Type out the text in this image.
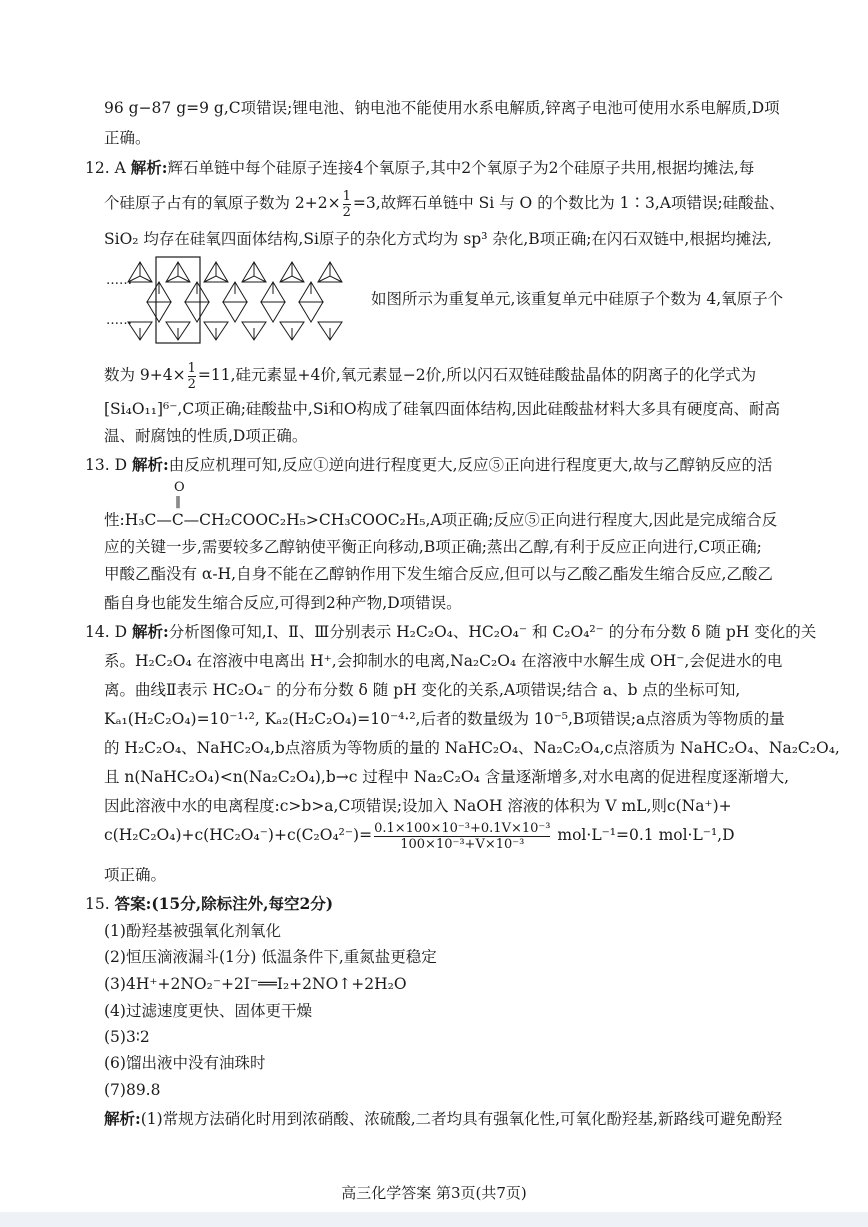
96 g−87 g=9 g,C项错误;锂电池、钠电池不能使用水系电解质,锌离子电池可使用水系电解质,D项
正确。
12. A 解析:辉石单链中每个硅原子连接4个氧原子,其中2个氧原子为2个硅原子共用,根据均摊法,每
个硅原子占有的氧原子数为 $2+2\times \frac{1}{2} =3$,故辉石单链中 Si 与 O 的个数比为 1∶3,A项错误;硅酸盐、
SiO₂ 均存在硅氧四面体结构,Si原子的杂化方式均为 sp³ 杂化,B项正确;在闪石双链中,根据均摊法,
……
……
如图所示为重复单元,该重复单元中硅原子个数为 4,氧原子个
数为 $9+4\times \frac{1}{2} =11$,硅元素显+4价,氧元素显−2价,所以闪石双链硅酸盐晶体的阴离子的化学式为
[Si₄O₁₁]⁶⁻,C项正确;硅酸盐中,Si和O构成了硅氧四面体结构,因此硅酸盐材料大多具有硬度高、耐高
温、耐腐蚀的性质,D项正确。
13. D 解析:由反应机理可知,反应①逆向进行程度更大,反应⑤正向进行程度更大,故与乙醇钠反应的活
O
‖
性:H₃C—C—CH₂COOC₂H₅>CH₃COOC₂H₅,A项正确;反应⑤正向进行程度大,因此是完成缩合反
应的关键一步,需要较多乙醇钠使平衡正向移动,B项正确;蒸出乙醇,有利于反应正向进行,C项正确;
甲酸乙酯没有 α-H,自身不能在乙醇钠作用下发生缩合反应,但可以与乙酸乙酯发生缩合反应,乙酸乙
酯自身也能发生缩合反应,可得到2种产物,D项错误。
14. D 解析:分析图像可知,Ⅰ、Ⅱ、Ⅲ分别表示 H₂C₂O₄、HC₂O₄⁻ 和 C₂O₄²⁻ 的分布分数 δ 随 pH 变化的关
系。H₂C₂O₄ 在溶液中电离出 H⁺,会抑制水的电离,Na₂C₂O₄ 在溶液中水解生成 OH⁻,会促进水的电
离。曲线Ⅱ表示 HC₂O₄⁻ 的分布分数 δ 随 pH 变化的关系,A项错误;结合 a、b 点的坐标可知,
Kₐ₁(H₂C₂O₄)=10⁻¹·², Kₐ₂(H₂C₂O₄)=10⁻⁴·²,后者的数量级为 10⁻⁵,B项错误;a点溶质为等物质的量
的 H₂C₂O₄、NaHC₂O₄,b点溶质为等物质的量的 NaHC₂O₄、Na₂C₂O₄,c点溶质为 NaHC₂O₄、Na₂C₂O₄,
且 n(NaHC₂O₄)<n(Na₂C₂O₄),b→c 过程中 Na₂C₂O₄ 含量逐渐增多,对水电离的促进程度逐渐增大,
因此溶液中水的电离程度:c>b>a,C项错误;设加入 NaOH 溶液的体积为 V mL,则c(Na⁺)+
$c(H_2C_2O_4)+c(HC_2O_4^-)+c(C_2O_4^{2-})= \frac{\text{0.1×100×10⁻³+0.1V×10⁻³}}{\text{100×10⁻³+V×10⁻³}} mol\cdot L^{-1}=0.1$ mol·L⁻¹,D
项正确。
15. 答案:(15分,除标注外,每空2分)
(1)酚羟基被强氧化剂氧化
(2)恒压滴液漏斗(1分) 低温条件下,重氮盐更稳定
(3)4H⁺+2NO₂⁻+2I⁻══I₂+2NO↑+2H₂O
(4)过滤速度更快、固体更干燥
(5)3∶2
(6)馏出液中没有油珠时
(7)89.8
解析:(1)常规方法硝化时用到浓硝酸、浓硫酸,二者均具有强氧化性,可氧化酚羟基,新路线可避免酚羟
高三化学答案 第3页(共7页)
